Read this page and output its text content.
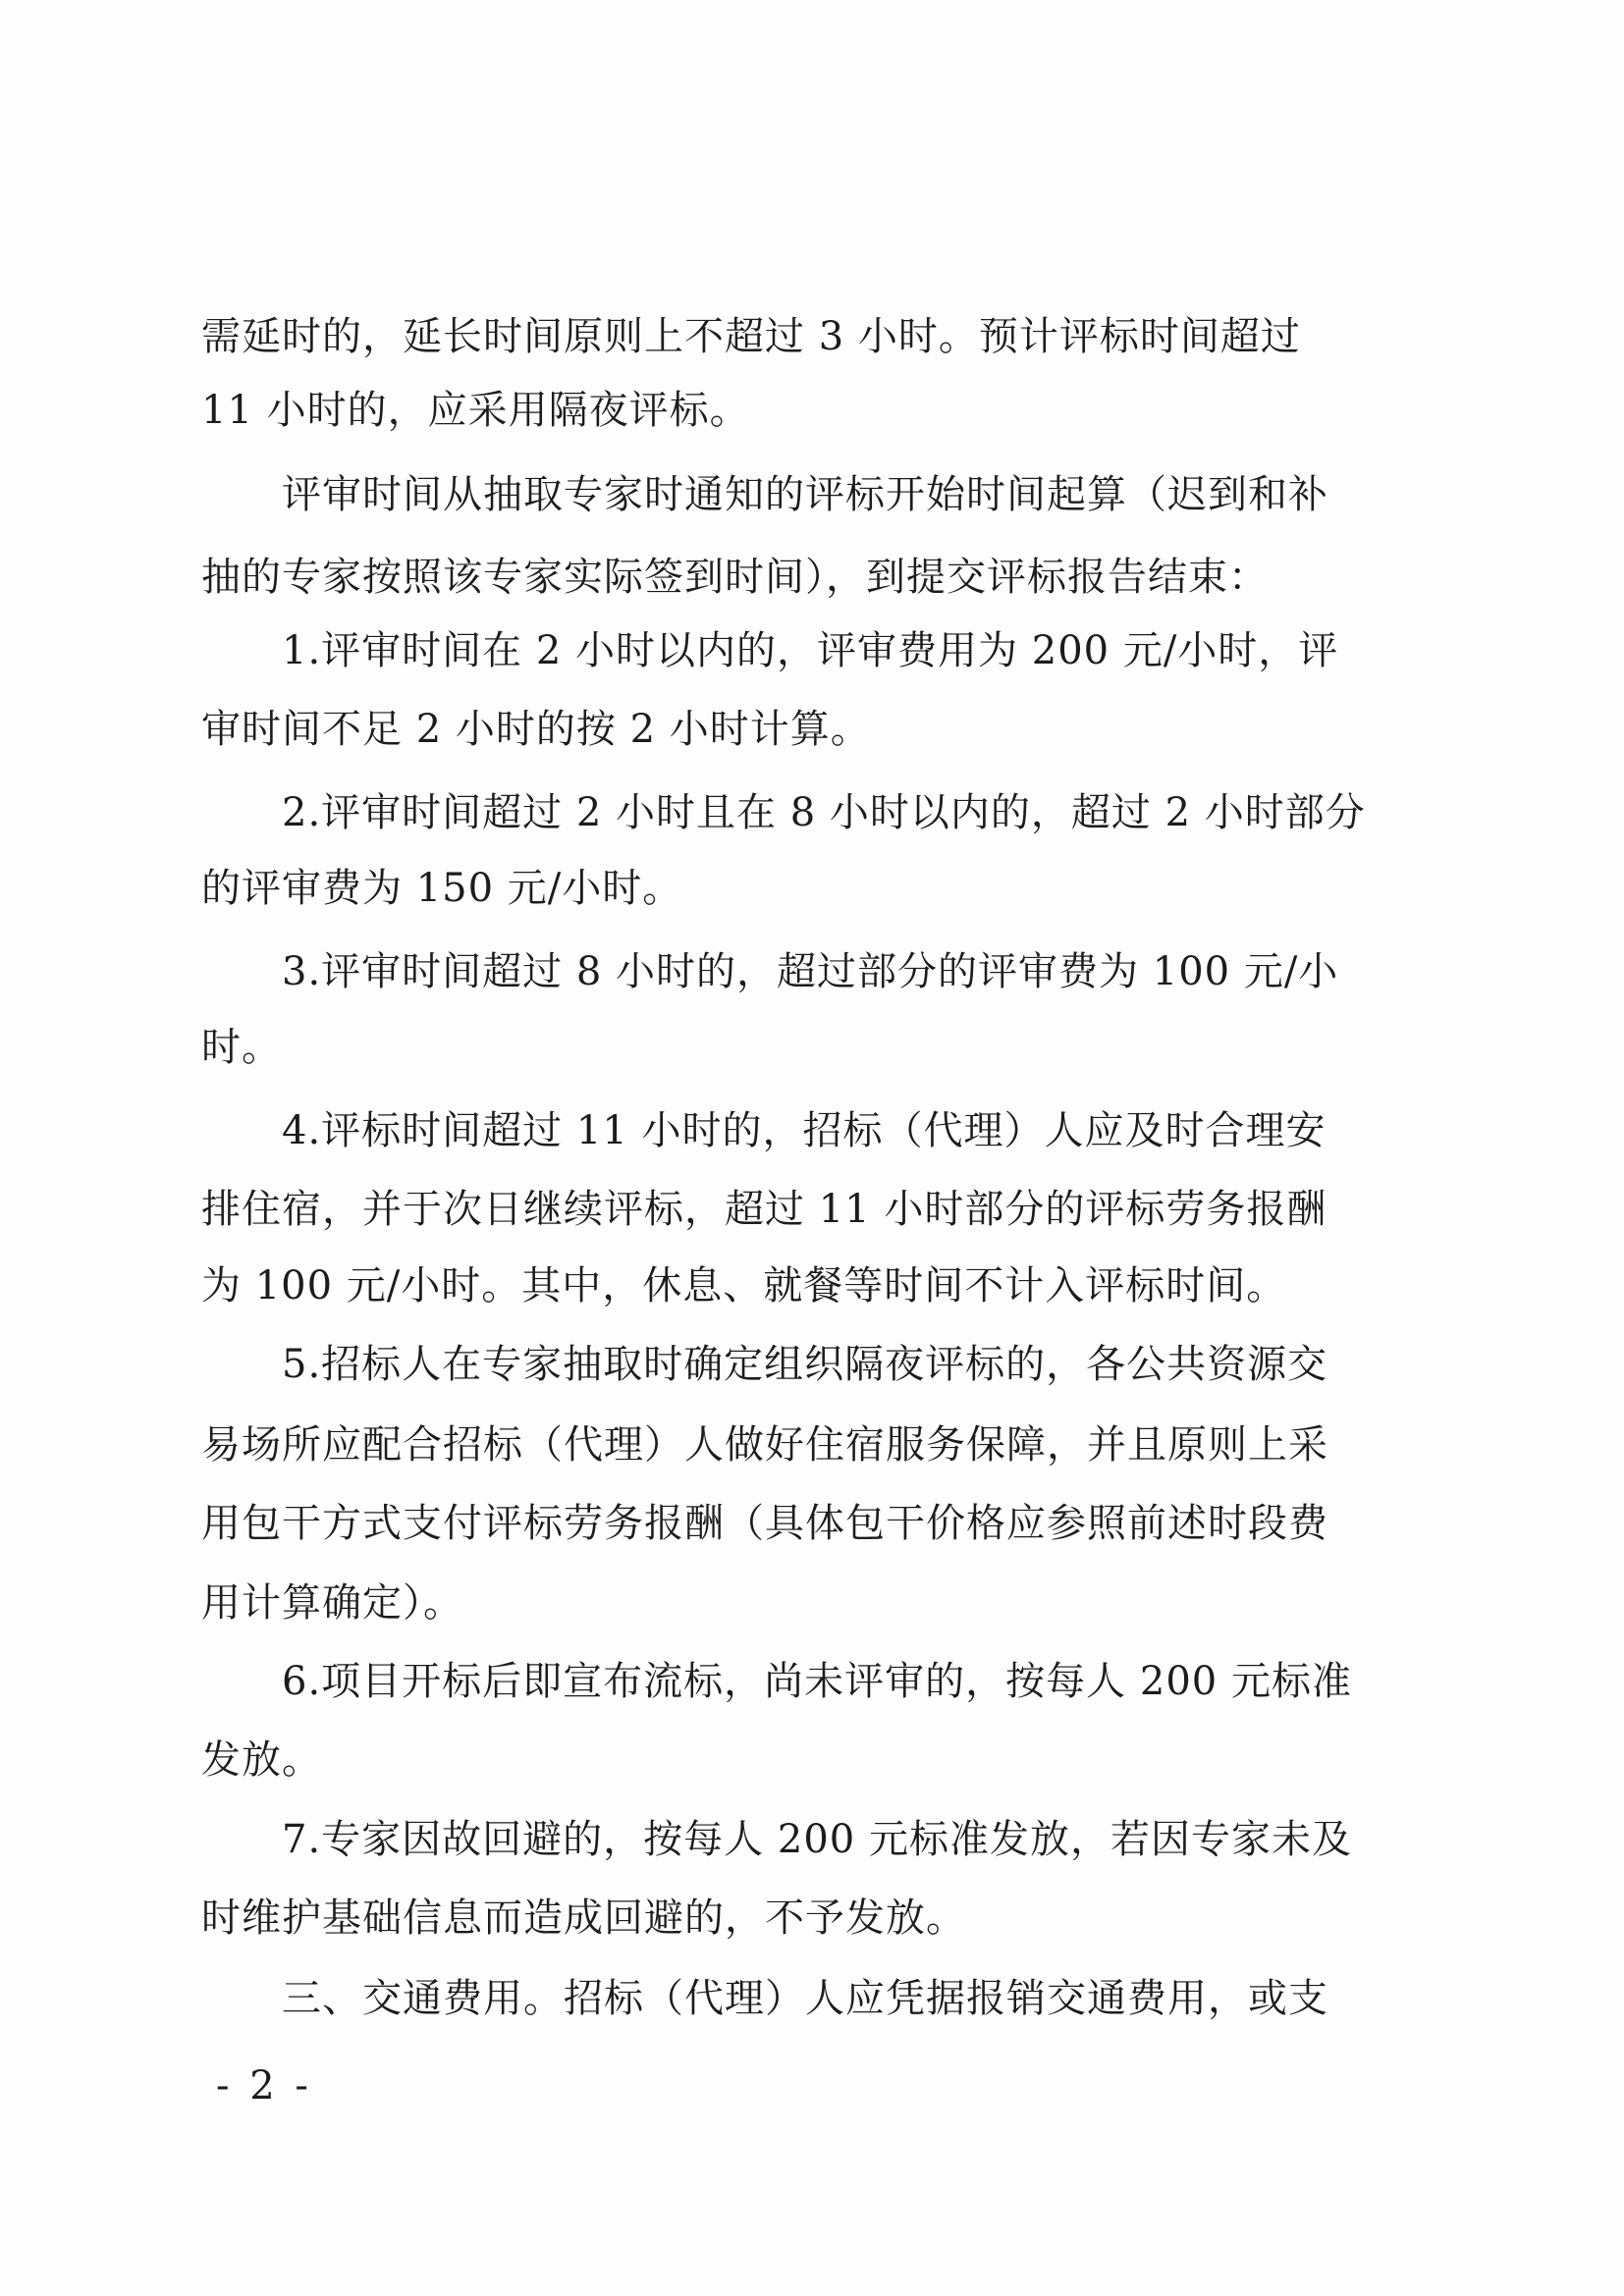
需延时的，延长时间原则上不超过 3 小时。预计评标时间超过
11 小时的，应采用隔夜评标。
　　评审时间从抽取专家时通知的评标开始时间起算（迟到和补
抽的专家按照该专家实际签到时间），到提交评标报告结束：
　　1.评审时间在 2 小时以内的，评审费用为 200 元/小时，评
审时间不足 2 小时的按 2 小时计算。
　　2.评审时间超过 2 小时且在 8 小时以内的，超过 2 小时部分
的评审费为 150 元/小时。
　　3.评审时间超过 8 小时的，超过部分的评审费为 100 元/小
时。
　　4.评标时间超过 11 小时的，招标（代理）人应及时合理安
排住宿，并于次日继续评标，超过 11 小时部分的评标劳务报酬
为 100 元/小时。其中，休息、就餐等时间不计入评标时间。
　　5.招标人在专家抽取时确定组织隔夜评标的，各公共资源交
易场所应配合招标（代理）人做好住宿服务保障，并且原则上采
用包干方式支付评标劳务报酬（具体包干价格应参照前述时段费
用计算确定）。
　　6.项目开标后即宣布流标，尚未评审的，按每人 200 元标准
发放。
　　7.专家因故回避的，按每人 200 元标准发放，若因专家未及
时维护基础信息而造成回避的，不予发放。
　　三、交通费用。招标（代理）人应凭据报销交通费用，或支
- 2 -
